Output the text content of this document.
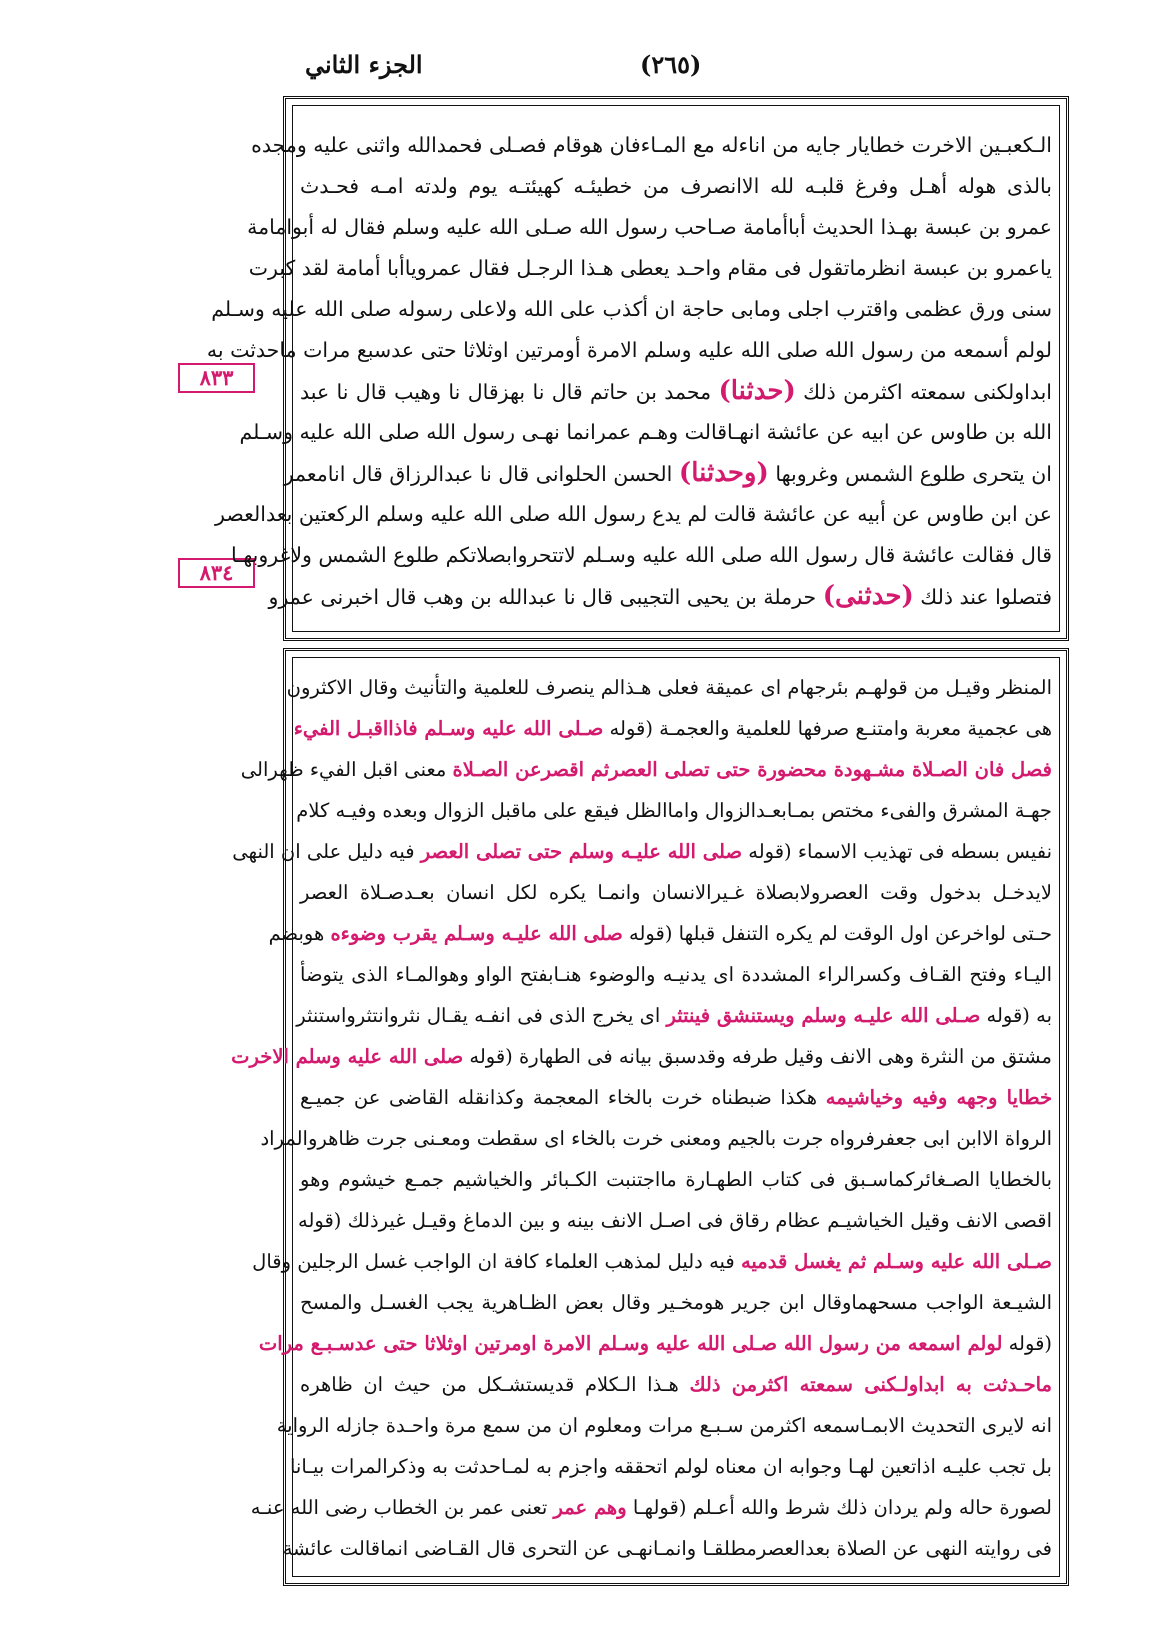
الجزء الثاني	(٢٦٥)
٨٣٣
٨٣٤
الـكعبـين الاخرت خطايار جايه من اناءله مع المـاءفان هوقام فصـلى فحمدالله واثنى عليه ومجده
بالذى هوله أهـل وفرغ قلبـه لله الاانصرف من خطيئـه كهيئتـه يوم ولدته امـه فحـدث
عمرو بن عبسة بهـذا الحديث أباأمامة صـاحب رسول الله صـلى الله عليه وسلم فقال له أبوامامة
ياعمرو بن عبسة انظرماتقول فى مقام واحـد يعطى هـذا الرجـل فقال عمروياأبا أمامة لقد كبرت
سنى ورق عظمى واقترب اجلى ومابى حاجة ان أكذب على الله ولاعلى رسوله صلى الله عليه وسـلم
لولم أسمعه من رسول الله صلى الله عليه وسلم الامرة أومرتين اوثلاثا حتى عدسبع مرات ماحدثت به
ابداولكنى سمعته اكثرمن ذلك (حدثنا) محمد بن حاتم قال نا بهزقال نا وهيب قال نا عبد
الله بن طاوس عن ابيه عن عائشة انهـاقالت وهـم عمرانما نهـى رسول الله صلى الله عليه وسـلم
ان يتحرى طلوع الشمس وغروبها (وحدثنا) الحسن الحلوانى قال نا عبدالرزاق قال انامعمر
عن ابن طاوس عن أبيه عن عائشة قالت لم يدع رسول الله صلى الله عليه وسلم الركعتين بعدالعصر
قال فقالت عائشة قال رسول الله صلى الله عليه وسـلم لاتتحروابصلاتكم طلوع الشمس ولاغروبهـا
فتصلوا عند ذلك (حدثنى) حرملة بن يحيى التجيبى قال نا عبدالله بن وهب قال اخبرنى عمرو
المنظر وقيـل من قولهـم بئرجهام اى عميقة فعلى هـذالم ينصرف للعلمية والتأنيث وقال الاكثرون
هى عجمية معربة وامتنـع صرفها للعلمية والعجمـة (قوله صـلى الله عليه وسـلم فاذااقبـل الفيء
فصل فان الصـلاة مشـهودة محضورة حتى تصلى العصرثم اقصرعن الصـلاة معنى اقبل الفيء ظهرالى
جهـة المشرق والفىء مختص بمـابعـدالزوال واماالظل فيقع على ماقبل الزوال وبعده وفيـه كلام
نفيس بسطه فى تهذيب الاسماء (قوله صلى الله عليـه وسلم حتى تصلى العصر فيه دليل على ان النهى
لايدخـل بدخول وقت العصرولابصلاة غـيرالانسان وانمـا يكره لكل انسان بعـدصـلاة العصر
حـتى لواخرعن اول الوقت لم يكره التنفل قبلها (قوله صلى الله عليـه وسـلم يقرب وضوءه هوبضم
اليـاء وفتح القـاف وكسرالراء المشددة اى يدنيـه والوضوء هنـابفتح الواو وهوالمـاء الذى يتوضأ
به (قوله صـلى الله عليـه وسلم ويستنشق فينتثر اى يخرج الذى فى انفـه يقـال نثروانتثرواستنثر
مشتق من النثرة وهى الانف وقيل طرفه وقدسبق بيانه فى الطهارة (قوله صلى الله عليه وسلم الاخرت
خطايا وجهه وفيه وخياشيمه هكذا ضبطناه خرت بالخاء المعجمة وكذانقله القاضى عن جميـع
الرواة الاابن ابى جعفرفرواه جرت بالجيم ومعنى خرت بالخاء اى سقطت ومعـنى جرت ظاهروالمراد
بالخطايا الصـغائركماسـبق فى كتاب الطهـارة مااجتنبت الكـبائر والخياشيم جمـع خيشوم وهو
اقصى الانف وقيل الخياشيـم عظام رقاق فى اصـل الانف بينه و بين الدماغ وقيـل غيرذلك (قوله
صـلى الله عليه وسـلم ثم يغسل قدميه فيه دليل لمذهب العلماء كافة ان الواجب غسل الرجلين وقال
الشيـعة الواجب مسحهماوقال ابن جرير هومخـير وقال بعض الظـاهرية يجب الغسـل والمسح
(قوله لولم اسمعه من رسول الله صـلى الله عليه وسـلم الامرة اومرتين اوثلاثا حتى عدسـبـع مرات
ماحـدثت به ابداولـكنى سمعته اكثرمن ذلك هـذا الـكلام قديستشـكل من حيث ان ظاهره
انه لايرى التحديث الابمـاسمعه اكثرمن سـبـع مرات ومعلوم ان من سمع مرة واحـدة جازله الرواية
بل تجب عليـه اذاتعين لهـا وجوابه ان معناه لولم اتحققه واجزم به لمـاحدثت به وذكرالمرات بيـانا
لصورة حاله ولم يردان ذلك شرط والله أعـلم (قولهـا وهم عمر تعنى عمر بن الخطاب رضى الله عنـه
فى روايته النهى عن الصلاة بعدالعصرمطلقـا وانمـانهـى عن التحرى قال القـاضى انماقالت عائشة
